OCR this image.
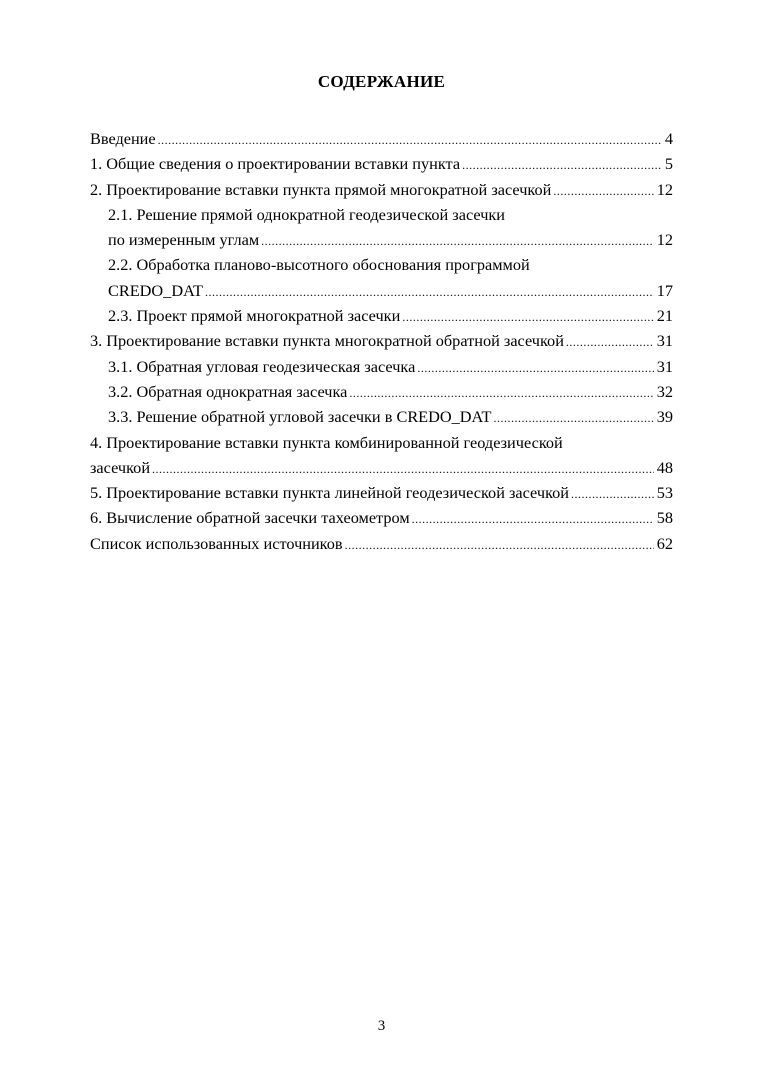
СОДЕРЖАНИЕ
Введение .....	4
1. Общие сведения о проектировании вставки пункта .....	5
2. Проектирование вставки пункта прямой многократной засечкой .....	12
2.1. Решение прямой однократной геодезической засечки
по измеренным углам .....	12
2.2. Обработка планово-высотного обоснования программой
CREDO_DAT .....	17
2.3. Проект прямой многократной засечки .....	21
3. Проектирование вставки пункта многократной обратной засечкой .....	31
3.1. Обратная угловая геодезическая засечка .....	31
3.2. Обратная однократная засечка .....	32
3.3. Решение обратной угловой засечки в CREDO_DAT .....	39
4. Проектирование вставки пункта комбинированной геодезической
засечкой .....	48
5. Проектирование вставки пункта линейной геодезической засечкой .....	53
6. Вычисление обратной засечки тахеометром .....	58
Список использованных источников .....	62
3
